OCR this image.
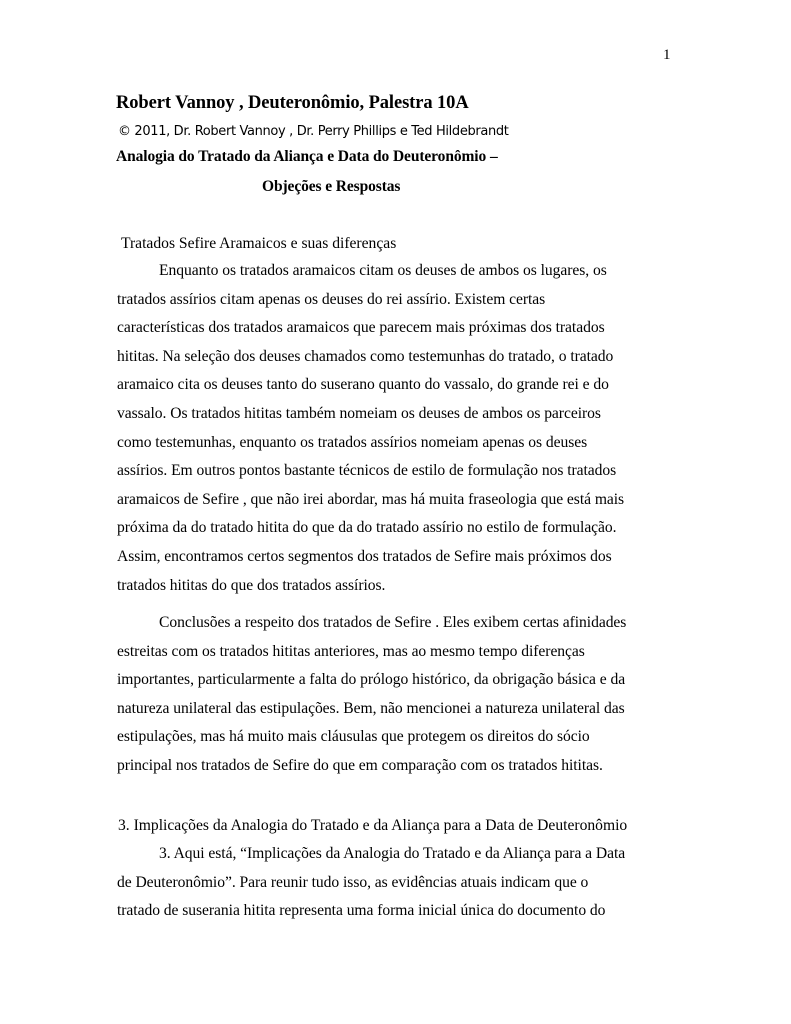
1
Robert Vannoy , Deuteronômio, Palestra 10A
© 2011, Dr. Robert Vannoy , Dr. Perry Phillips e Ted Hildebrandt
Analogia do Tratado da Aliança e Data do Deuteronômio –
Objeções e Respostas
Tratados Sefire Aramaicos e suas diferenças
Enquanto os tratados aramaicos citam os deuses de ambos os lugares, os
tratados assírios citam apenas os deuses do rei assírio. Existem certas
características dos tratados aramaicos que parecem mais próximas dos tratados
hititas. Na seleção dos deuses chamados como testemunhas do tratado, o tratado
aramaico cita os deuses tanto do suserano quanto do vassalo, do grande rei e do
vassalo. Os tratados hititas também nomeiam os deuses de ambos os parceiros
como testemunhas, enquanto os tratados assírios nomeiam apenas os deuses
assírios. Em outros pontos bastante técnicos de estilo de formulação nos tratados
aramaicos de Sefire , que não irei abordar, mas há muita fraseologia que está mais
próxima da do tratado hitita do que da do tratado assírio no estilo de formulação.
Assim, encontramos certos segmentos dos tratados de Sefire mais próximos dos
tratados hititas do que dos tratados assírios.
Conclusões a respeito dos tratados de Sefire . Eles exibem certas afinidades
estreitas com os tratados hititas anteriores, mas ao mesmo tempo diferenças
importantes, particularmente a falta do prólogo histórico, da obrigação básica e da
natureza unilateral das estipulações. Bem, não mencionei a natureza unilateral das
estipulações, mas há muito mais cláusulas que protegem os direitos do sócio
principal nos tratados de Sefire do que em comparação com os tratados hititas.
3. Implicações da Analogia do Tratado e da Aliança para a Data de Deuteronômio
3. Aqui está, “Implicações da Analogia do Tratado e da Aliança para a Data
de Deuteronômio”. Para reunir tudo isso, as evidências atuais indicam que o
tratado de suserania hitita representa uma forma inicial única do documento do
